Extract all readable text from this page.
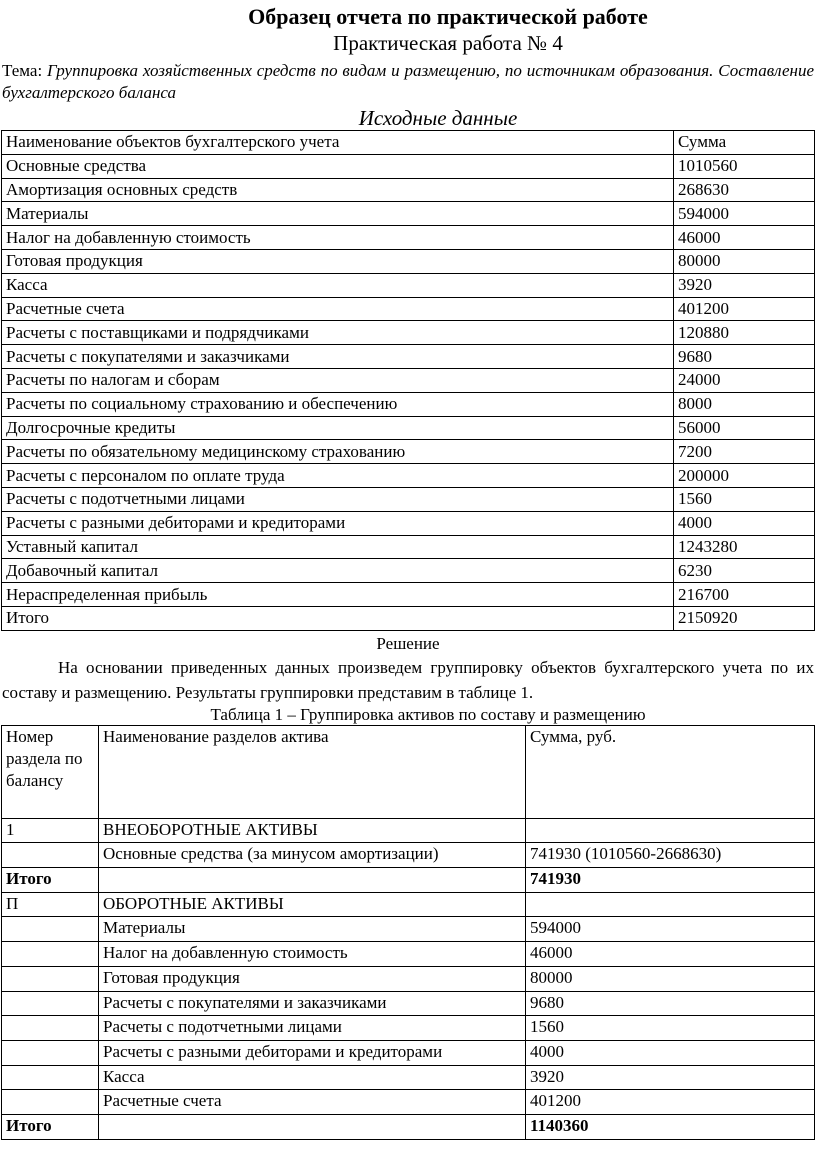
Образец отчета по практической работе
Практическая работа № 4
Тема: Группировка хозяйственных средств по видам и размещению, по источникам образования. Составление бухгалтерского баланса
Исходные данные
Наименование объектов бухгалтерского учета	Сумма
Основные средства	1010560
Амортизация основных средств	268630
Материалы	594000
Налог на добавленную стоимость	46000
Готовая продукция	80000
Касса	3920
Расчетные счета	401200
Расчеты с поставщиками и подрядчиками	120880
Расчеты с покупателями и заказчиками	9680
Расчеты по налогам и сборам	24000
Расчеты по социальному страхованию и обеспечению	8000
Долгосрочные кредиты	56000
Расчеты по обязательному медицинскому страхованию	7200
Расчеты с персоналом по оплате труда	200000
Расчеты с подотчетными лицами	1560
Расчеты с разными дебиторами и кредиторами	4000
Уставный капитал	1243280
Добавочный капитал	6230
Нераспределенная прибыль	216700
Итого	2150920
Решение
На основании приведенных данных произведем группировку объектов бухгалтерского учета по их составу и размещению. Результаты группировки представим в таблице 1.
Таблица 1 – Группировка активов по составу и размещению
Номер раздела по балансу	Наименование разделов актива	Сумма, руб.
1	ВНЕОБОРОТНЫЕ АКТИВЫ	
	Основные средства (за минусом амортизации)	741930 (1010560-2668630)
Итого		741930
П	ОБОРОТНЫЕ АКТИВЫ	
	Материалы	594000
	Налог на добавленную стоимость	46000
	Готовая продукция	80000
	Расчеты с покупателями и заказчиками	9680
	Расчеты с подотчетными лицами	1560
	Расчеты с разными дебиторами и кредиторами	4000
	Касса	3920
	Расчетные счета	401200
Итого		1140360
